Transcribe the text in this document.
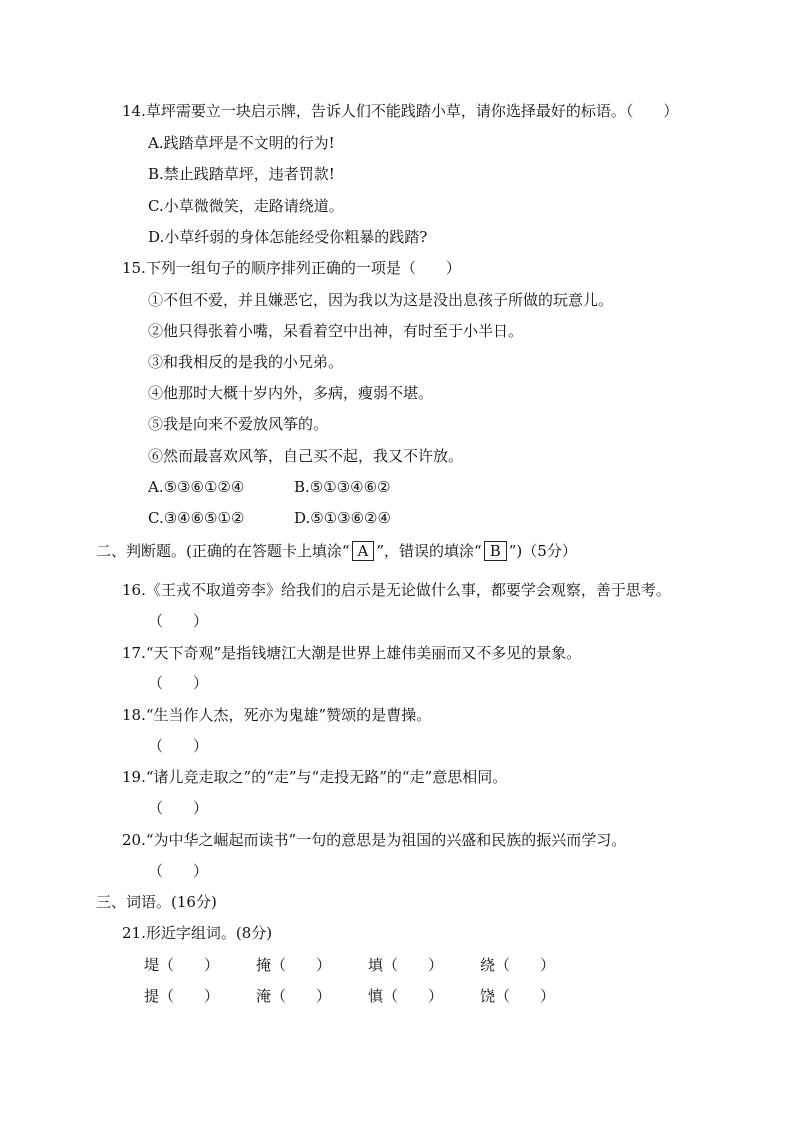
14.草坪需要立一块启示牌，告诉人们不能践踏小草，请你选择最好的标语。（　　）
A.践踏草坪是不文明的行为!
B.禁止践踏草坪，违者罚款!
C.小草微微笑，走路请绕道。
D.小草纤弱的身体怎能经受你粗暴的践踏?
15.下列一组句子的顺序排列正确的一项是（　　）
①不但不爱，并且嫌恶它，因为我以为这是没出息孩子所做的玩意儿。
②他只得张着小嘴，呆看着空中出神，有时至于小半日。
③和我相反的是我的小兄弟。
④他那时大概十岁内外，多病，瘦弱不堪。
⑤我是向来不爱放风筝的。
⑥然而最喜欢风筝，自己买不起，我又不许放。
A.⑤③⑥①②④	B.⑤①③④⑥②
C.③④⑥⑤①②	D.⑤①③⑥②④
二、判断题。(正确的在答题卡上填涂“ A ”，错误的填涂“ B ”)（5分）
16.《王戎不取道旁李》给我们的启示是无论做什么事，都要学会观察，善于思考。
（　　）
17.“天下奇观”是指钱塘江大潮是世界上雄伟美丽而又不多见的景象。
（　　）
18.“生当作人杰，死亦为鬼雄”赞颂的是曹操。
（　　）
19.“诸儿竞走取之”的“走”与“走投无路”的“走”意思相同。
（　　）
20.“为中华之崛起而读书”一句的意思是为祖国的兴盛和民族的振兴而学习。
（　　）
三、词语。(16分)
21.形近字组词。(8分)
堤（　　） 掩（　　） 填（　　） 绕（　　）
提（　　） 淹（　　） 慎（　　） 饶（　　）
